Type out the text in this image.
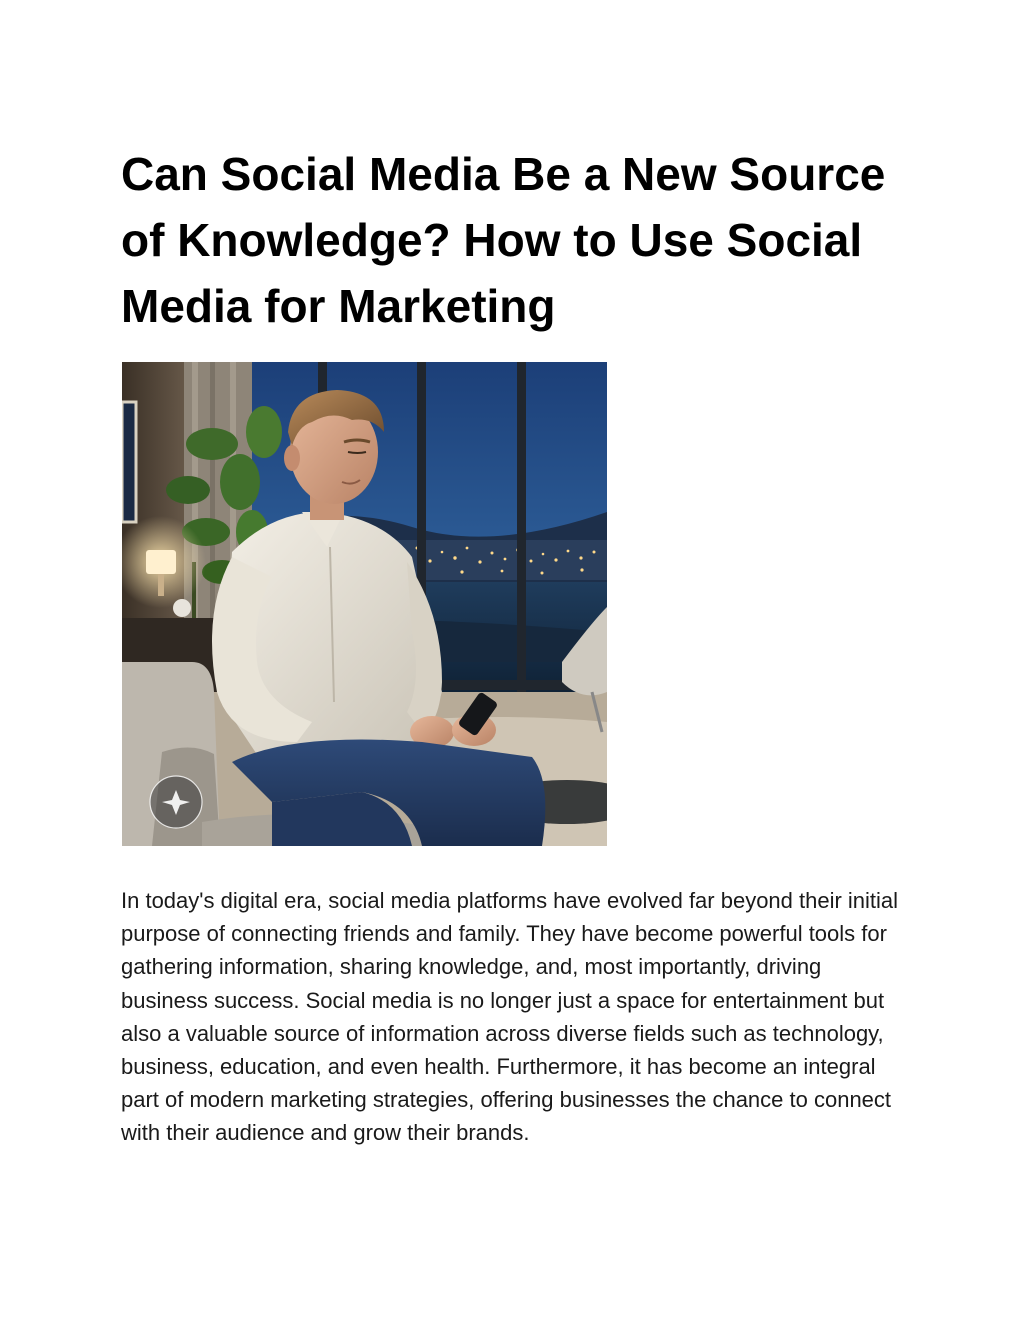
Can Social Media Be a New Source of Knowledge? How to Use Social Media for Marketing

In today's digital era, social media platforms have evolved far beyond their initial purpose of connecting friends and family. They have become powerful tools for gathering information, sharing knowledge, and, most importantly, driving business success. Social media is no longer just a space for entertainment but also a valuable source of information across diverse fields such as technology, business, education, and even health. Furthermore, it has become an integral part of modern marketing strategies, offering businesses the chance to connect with their audience and grow their brands.
